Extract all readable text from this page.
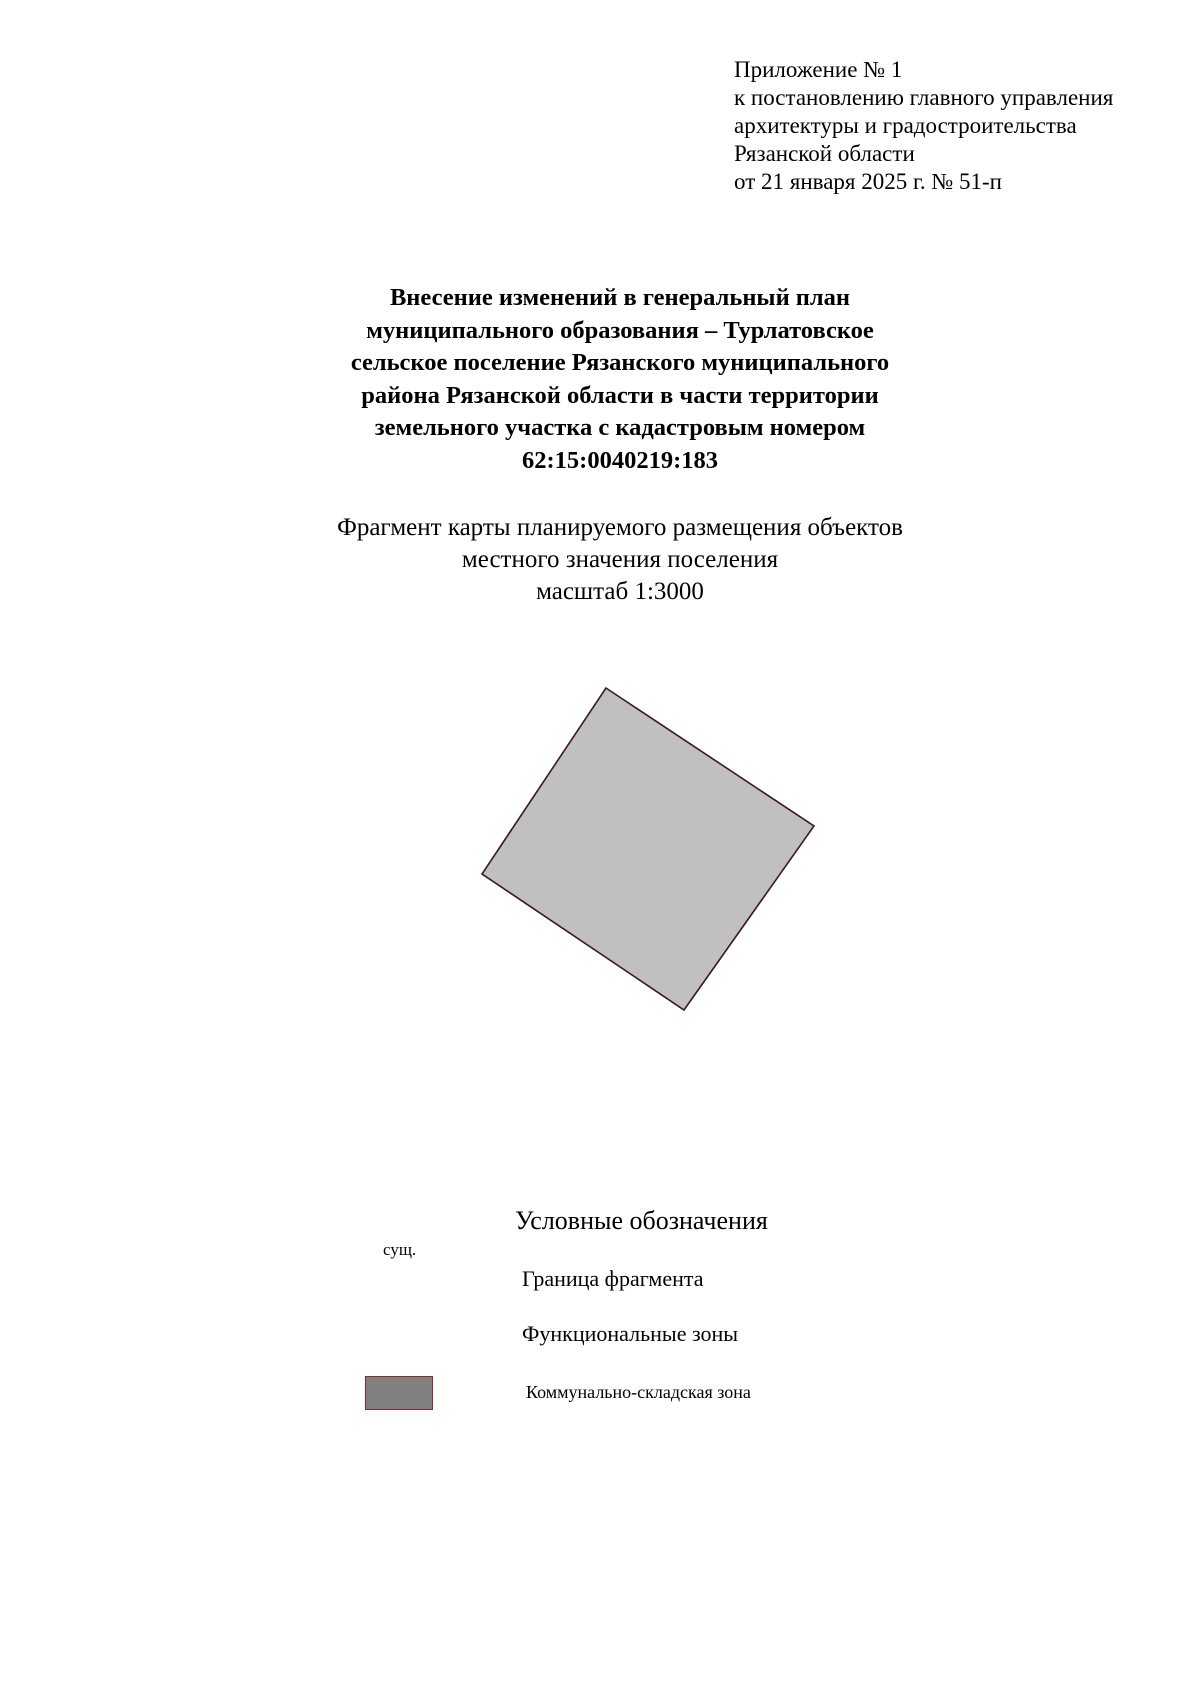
Приложение № 1
к постановлению главного управления
архитектуры и градостроительства
Рязанской области
от 21 января 2025 г. № 51-п
Внесение изменений в генеральный план
муниципального образования – Турлатовское
сельское поселение Рязанского муниципального
района Рязанской области в части территории
земельного участка с кадастровым номером
62:15:0040219:183
Фрагмент карты планируемого размещения объектов
местного значения поселения
масштаб 1:3000
Условные обозначения
сущ.
Граница фрагмента
Функциональные зоны
Коммунально-складская зона
